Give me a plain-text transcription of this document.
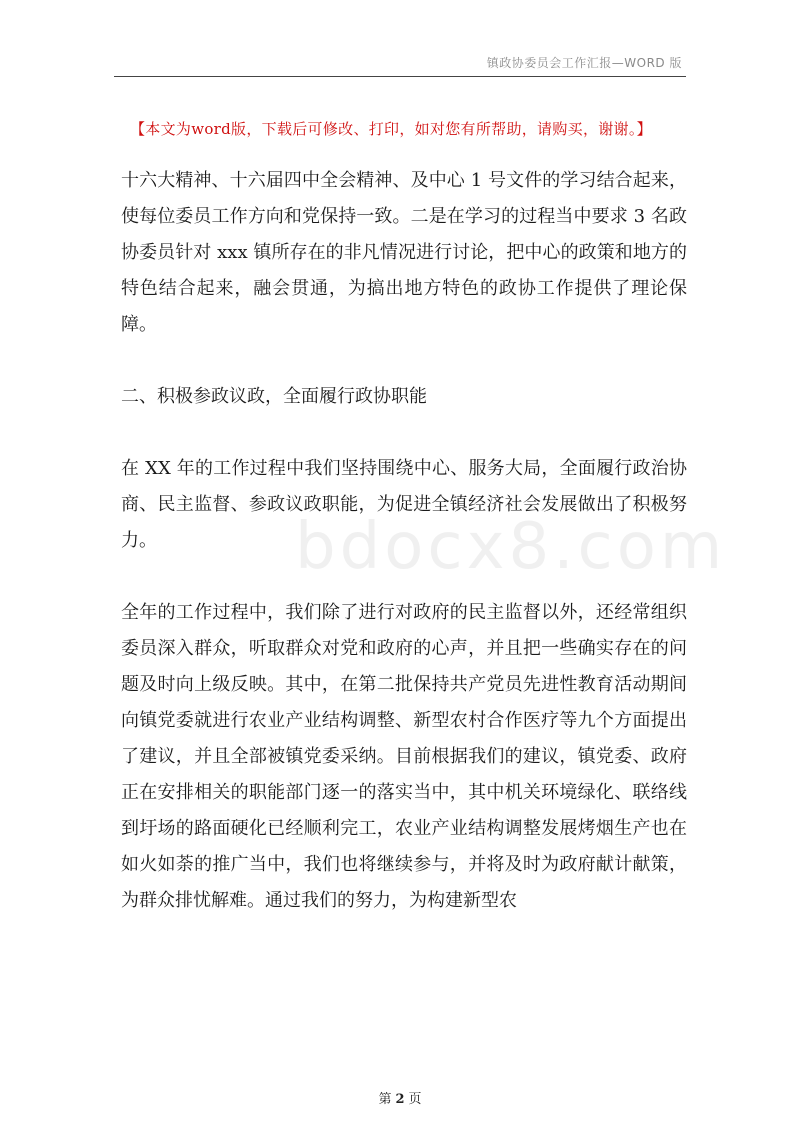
镇政协委员会工作汇报—WORD 版
【本文为word版，下载后可修改、打印，如对您有所帮助，请购买，谢谢。】
bdocx8.com

十六大精神、十六届四中全会精神、及中心 1 号文件的学习结合起来，使每位委员工作方向和党保持一致。二是在学习的过程当中要求 3 名政协委员针对 xxx 镇所存在的非凡情况进行讨论，把中心的政策和地方的特色结合起来，融会贯通，为搞出地方特色的政协工作提供了理论保障。

二、积极参政议政，全面履行政协职能

在 XX 年的工作过程中我们坚持围绕中心、服务大局，全面履行政治协商、民主监督、参政议政职能，为促进全镇经济社会发展做出了积极努力。

全年的工作过程中，我们除了进行对政府的民主监督以外，还经常组织委员深入群众，听取群众对党和政府的心声，并且把一些确实存在的问题及时向上级反映。其中，在第二批保持共产党员先进性教育活动期间向镇党委就进行农业产业结构调整、新型农村合作医疗等九个方面提出了建议，并且全部被镇党委采纳。目前根据我们的建议，镇党委、政府正在安排相关的职能部门逐一的落实当中，其中机关环境绿化、联络线到圩场的路面硬化已经顺利完工，农业产业结构调整发展烤烟生产也在如火如荼的推广当中，我们也将继续参与，并将及时为政府献计献策，为群众排忧解难。通过我们的努力，为构建新型农

第 2 页
